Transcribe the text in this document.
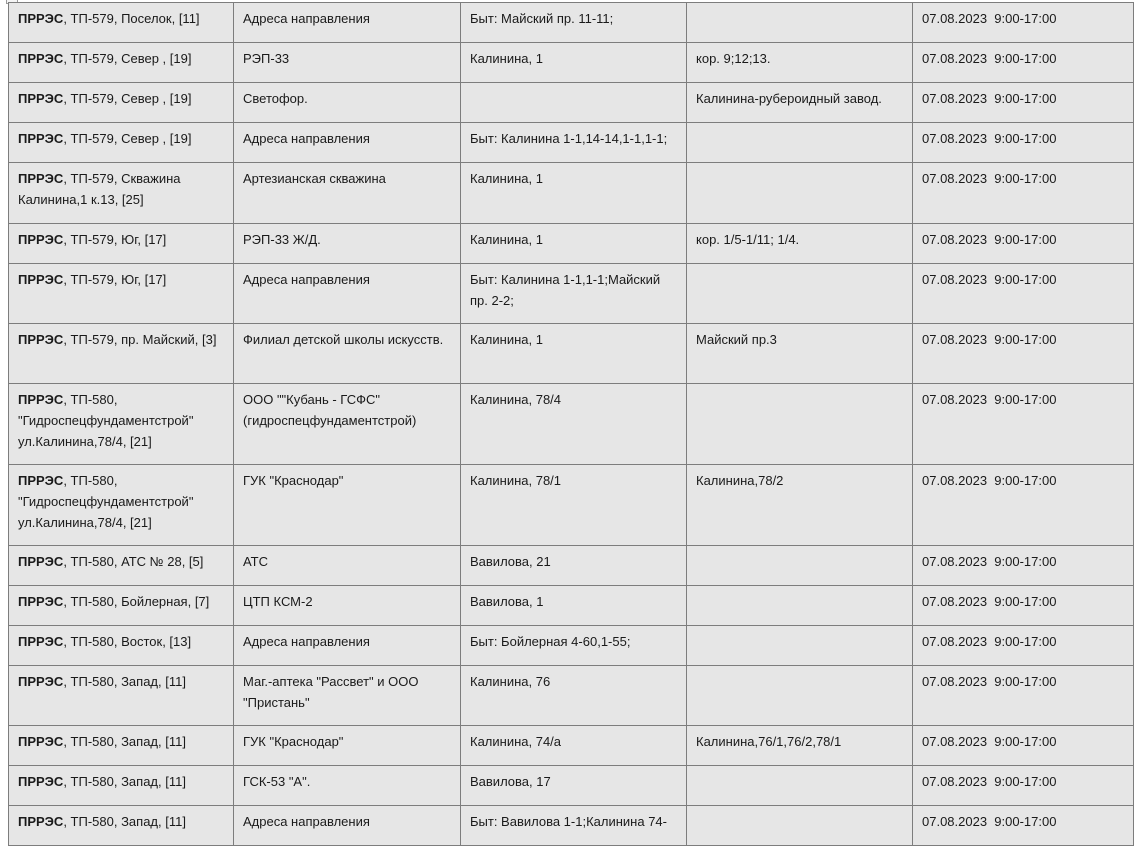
ПРРЭС, ТП-579, Поселок, [11]	Адреса направления	Быт: Майский пр. 11-11;		07.08.2023  9:00-17:00
ПРРЭС, ТП-579, Север , [19]	РЭП-33	Калинина, 1	кор. 9;12;13.	07.08.2023  9:00-17:00
ПРРЭС, ТП-579, Север , [19]	Светофор.		Калинина-рубероидный завод.	07.08.2023  9:00-17:00
ПРРЭС, ТП-579, Север , [19]	Адреса направления	Быт: Калинина 1-1,14-14,1-1,1-1;		07.08.2023  9:00-17:00
ПРРЭС, ТП-579, Скважина Калинина,1 к.13, [25]	Артезианская скважина	Калинина, 1		07.08.2023  9:00-17:00
ПРРЭС, ТП-579, Юг, [17]	РЭП-33 Ж/Д.	Калинина, 1	кор. 1/5-1/11; 1/4.	07.08.2023  9:00-17:00
ПРРЭС, ТП-579, Юг, [17]	Адреса направления	Быт: Калинина 1-1,1-1;Майский пр. 2-2;		07.08.2023  9:00-17:00
ПРРЭС, ТП-579, пр. Майский, [3]	Филиал детской школы искусств.	Калинина, 1	Майский пр.3	07.08.2023  9:00-17:00
ПРРЭС, ТП-580, "Гидроспецфундаментстрой" ул.Калинина,78/4, [21]	ООО ""Кубань - ГСФС"(гидроспецфундаментстрой)	Калинина, 78/4		07.08.2023  9:00-17:00
ПРРЭС, ТП-580, "Гидроспецфундаментстрой" ул.Калинина,78/4, [21]	ГУК "Краснодар"	Калинина, 78/1	Калинина,78/2	07.08.2023  9:00-17:00
ПРРЭС, ТП-580, АТС № 28, [5]	АТС	Вавилова, 21		07.08.2023  9:00-17:00
ПРРЭС, ТП-580, Бойлерная, [7]	ЦТП КСМ-2	Вавилова, 1		07.08.2023  9:00-17:00
ПРРЭС, ТП-580, Восток, [13]	Адреса направления	Быт: Бойлерная 4-60,1-55;		07.08.2023  9:00-17:00
ПРРЭС, ТП-580, Запад, [11]	Маг.-аптека "Рассвет" и ООО "Пристань"	Калинина, 76		07.08.2023  9:00-17:00
ПРРЭС, ТП-580, Запад, [11]	ГУК "Краснодар"	Калинина, 74/а	Калинина,76/1,76/2,78/1	07.08.2023  9:00-17:00
ПРРЭС, ТП-580, Запад, [11]	ГСК-53 "А".	Вавилова, 17		07.08.2023  9:00-17:00
ПРРЭС, ТП-580, Запад, [11]	Адреса направления	Быт: Вавилова 1-1;Калинина 74-		07.08.2023  9:00-17:00
